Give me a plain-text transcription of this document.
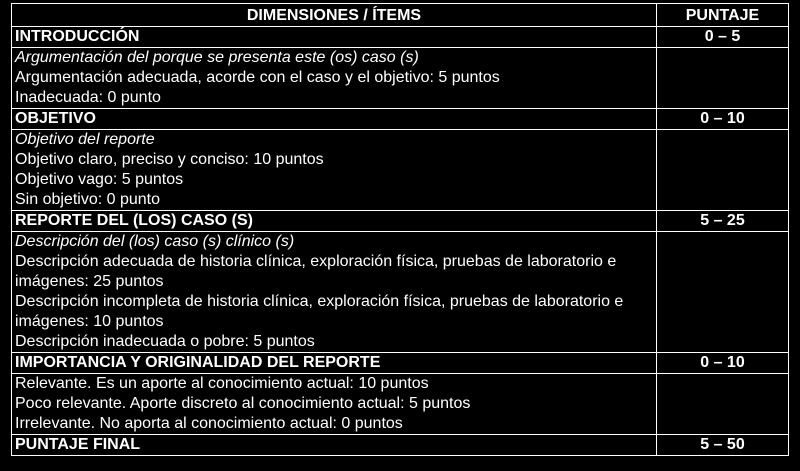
DIMENSIONES / ÍTEMS	PUNTAJE
INTRODUCCIÓN	0 – 5

Argumentación del porque se presenta este (os) caso (s)
Argumentación adecuada, acorde con el caso y el objetivo: 5 puntos
Inadecuada: 0 punto	

OBJETIVO	0 – 10

Objetivo del reporte
Objetivo claro, preciso y conciso: 10 puntos
Objetivo vago: 5 puntos
Sin objetivo: 0 punto	

REPORTE DEL (LOS) CASO (S)	5 – 25

Descripción del (los) caso (s) clínico (s)
Descripción adecuada de historia clínica, exploración física, pruebas de laboratorio e imágenes: 25 puntos
Descripción incompleta de historia clínica, exploración física, pruebas de laboratorio e imágenes: 10 puntos
Descripción inadecuada o pobre: 5 puntos	

IMPORTANCIA Y ORIGINALIDAD DEL REPORTE	0 – 10

Relevante. Es un aporte al conocimiento actual: 10 puntos
Poco relevante. Aporte discreto al conocimiento actual: 5 puntos
Irrelevante. No aporta al conocimiento actual: 0 puntos	

PUNTAJE FINAL	5 – 50
